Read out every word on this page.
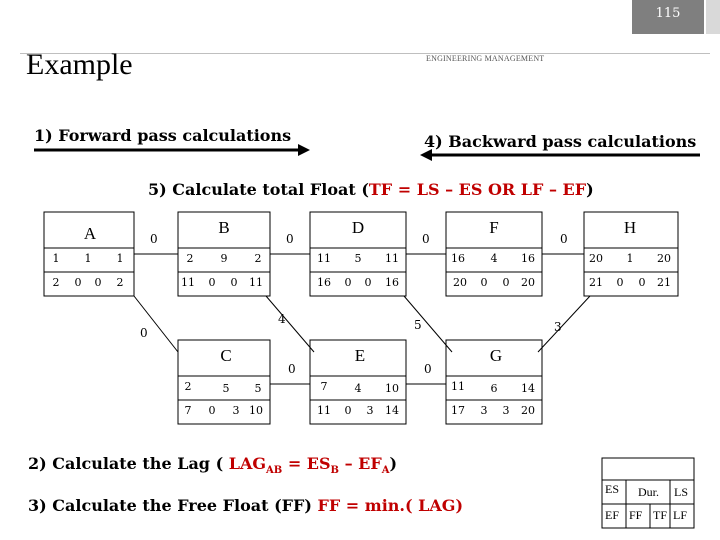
115
Example	ENGINEERING MANAGEMENT
1) Forward pass calculations	4) Backward pass calculations
5) Calculate total Float (TF = LS – ES OR LF – EF)
2) Calculate the Lag ( $LAG_{AB} = ES_B - EF_A$)
3) Calculate the Free Float (FF) FF = min.( LAG)
A
1	1	1
2	0	0	2
B
2	9	2
11	0	0	11
D
11	5	11
16	0	0	16
F
16	4	16
20	0	0	20
H
20	1	20
21	0	0	21
C
2	5	5
7	0	3 10
E
7	4	10
11	0	3	14
G
11	6	14
17	3	3	20
0	0	0	0
0
0	0
4	5	3
ES Dur. LS
EF FF TF LF
